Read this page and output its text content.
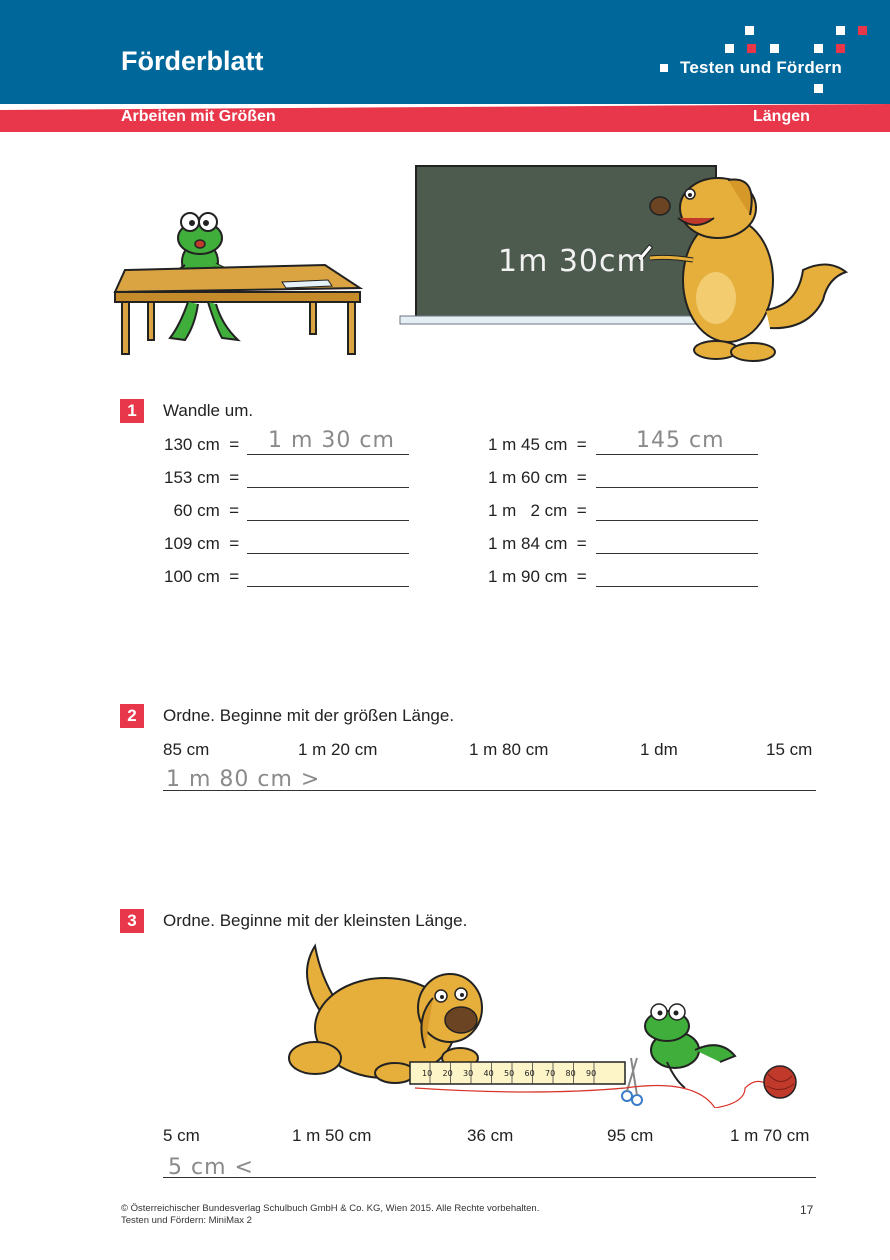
Förderblatt	Testen und Fördern
Arbeiten mit Größen	Längen
1m 30cm
1	Wandle um.
130 cm  = 1 m 30 cm
153 cm  =
60 cm  =
109 cm  =
100 cm  =
1 m 45 cm  = 145 cm
1 m 60 cm  =
1 m   2 cm  =
1 m 84 cm  =
1 m 90 cm  =
2	Ordne. Beginne mit der größen Länge.
85 cm	1 m 20 cm	1 m 80 cm	1 dm	15 cm
1 m 80 cm >
3	Ordne. Beginne mit der kleinsten Länge.
10 20 30 40 50 60 70 80 90
5 cm	1 m 50 cm	36 cm	95 cm	1 m 70 cm
5 cm <
© Österreichischer Bundesverlag Schulbuch GmbH & Co. KG, Wien 2015. Alle Rechte vorbehalten.
Testen und Fördern: MiniMax 2
17
